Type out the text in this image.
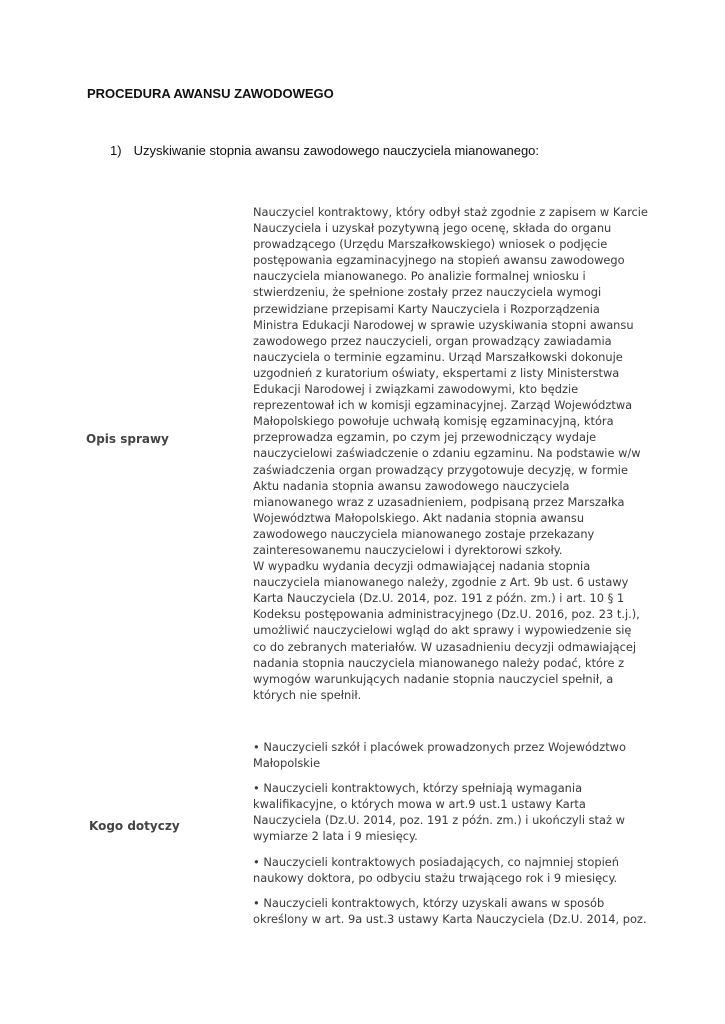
PROCEDURA AWANSU ZAWODOWEGO
1) Uzyskiwanie stopnia awansu zawodowego nauczyciela mianowanego:
Opis sprawy

Nauczyciel kontraktowy, który odbył staż zgodnie z zapisem w Karcie Nauczyciela i uzyskał pozytywną jego ocenę, składa do organu prowadzącego (Urzędu Marszałkowskiego) wniosek o podjęcie postępowania egzaminacyjnego na stopień awansu zawodowego nauczyciela mianowanego. Po analizie formalnej wniosku i stwierdzeniu, że spełnione zostały przez nauczyciela wymogi przewidziane przepisami Karty Nauczyciela i Rozporządzenia Ministra Edukacji Narodowej w sprawie uzyskiwania stopni awansu zawodowego przez nauczycieli, organ prowadzący zawiadamia nauczyciela o terminie egzaminu. Urząd Marszałkowski dokonuje uzgodnień z kuratorium oświaty, ekspertami z listy Ministerstwa Edukacji Narodowej i związkami zawodowymi, kto będzie reprezentował ich w komisji egzaminacyjnej. Zarząd Województwa Małopolskiego powołuje uchwałą komisję egzaminacyjną, która przeprowadza egzamin, po czym jej przewodniczący wydaje nauczycielowi zaświadczenie o zdaniu egzaminu. Na podstawie w/w zaświadczenia organ prowadzący przygotowuje decyzję, w formie Aktu nadania stopnia awansu zawodowego nauczyciela mianowanego wraz z uzasadnieniem, podpisaną przez Marszałka Województwa Małopolskiego. Akt nadania stopnia awansu zawodowego nauczyciela mianowanego zostaje przekazany zainteresowanemu nauczycielowi i dyrektorowi szkoły.

W wypadku wydania decyzji odmawiającej nadania stopnia nauczyciela mianowanego należy, zgodnie z Art. 9b ust. 6 ustawy Karta Nauczyciela (Dz.U. 2014, poz. 191 z późn. zm.) i art. 10 § 1 Kodeksu postępowania administracyjnego (Dz.U. 2016, poz. 23 t.j.), umożliwić nauczycielowi wgląd do akt sprawy i wypowiedzenie się co do zebranych materiałów. W uzasadnieniu decyzji odmawiającej nadania stopnia nauczyciela mianowanego należy podać, które z wymogów warunkujących nadanie stopnia nauczyciel spełnił, a których nie spełnił.

Kogo dotyczy
• Nauczycieli szkół i placówek prowadzonych przez Województwo Małopolskie
• Nauczycieli kontraktowych, którzy spełniają wymagania kwalifikacyjne, o których mowa w art.9 ust.1 ustawy Karta Nauczyciela (Dz.U. 2014, poz. 191 z późn. zm.) i ukończyli staż w wymiarze 2 lata i 9 miesięcy.
• Nauczycieli kontraktowych posiadających, co najmniej stopień naukowy doktora, po odbyciu stażu trwającego rok i 9 miesięcy.
• Nauczycieli kontraktowych, którzy uzyskali awans w sposób określony w art. 9a ust.3 ustawy Karta Nauczyciela (Dz.U. 2014, poz.
